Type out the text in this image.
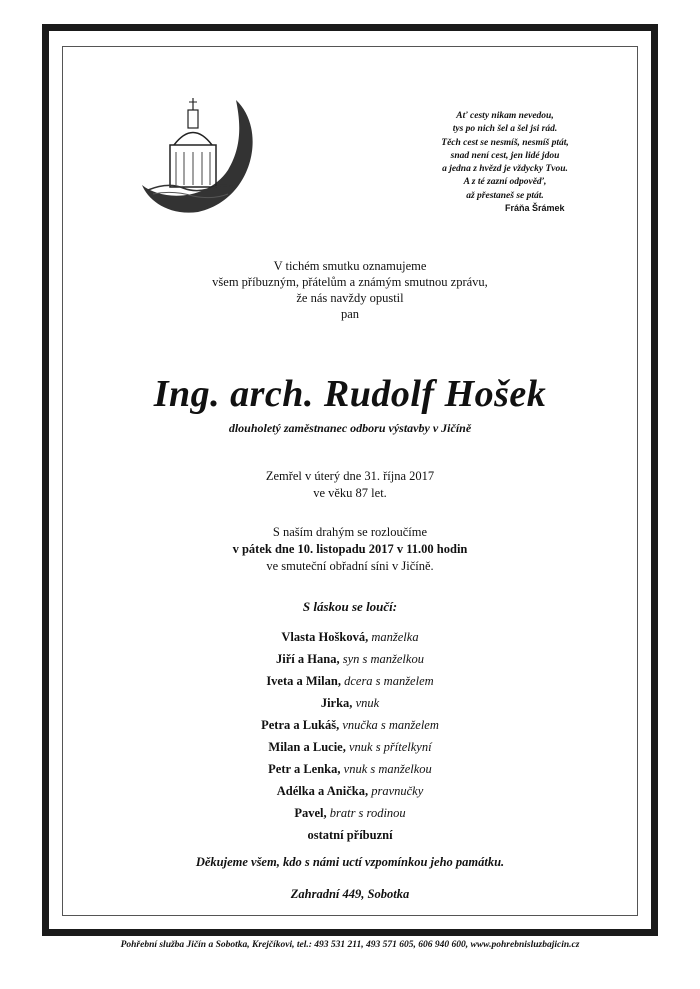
Ať cesty nikam nevedou,
tys po nich šel a šel jsi rád.
Těch cest se nesmíš, nesmíš ptát,
snad není cest, jen lidé jdou
a jedna z hvězd je vždycky Tvou.
A z té zazní odpověď,
až přestaneš se ptát.
Fráňa Šrámek
V tichém smutku oznamujeme
všem příbuzným, přátelům a známým smutnou zprávu,
že nás navždy opustil
pan
Ing. arch. Rudolf Hošek
dlouholetý zaměstnanec odboru výstavby v Jičíně
Zemřel v úterý dne 31. října 2017
ve věku 87 let.
S naším drahým se rozloučíme
v pátek dne 10. listopadu 2017 v 11.00 hodin
ve smuteční obřadní síni v Jičíně.
S láskou se loučí:
Vlasta Hošková, manželka
Jiří a Hana, syn s manželkou
Iveta a Milan, dcera s manželem
Jirka, vnuk
Petra a Lukáš, vnučka s manželem
Milan a Lucie, vnuk s přítelkyní
Petr a Lenka, vnuk s manželkou
Adélka a Anička, pravnučky
Pavel, bratr s rodinou
ostatní příbuzní
Děkujeme všem, kdo s námi uctí vzpomínkou jeho památku.
Zahradní 449, Sobotka
Pohřební služba Jičín a Sobotka, Krejčíkovi, tel.: 493 531 211, 493 571 605, 606 940 600, www.pohrebnisluzbajicin.cz
